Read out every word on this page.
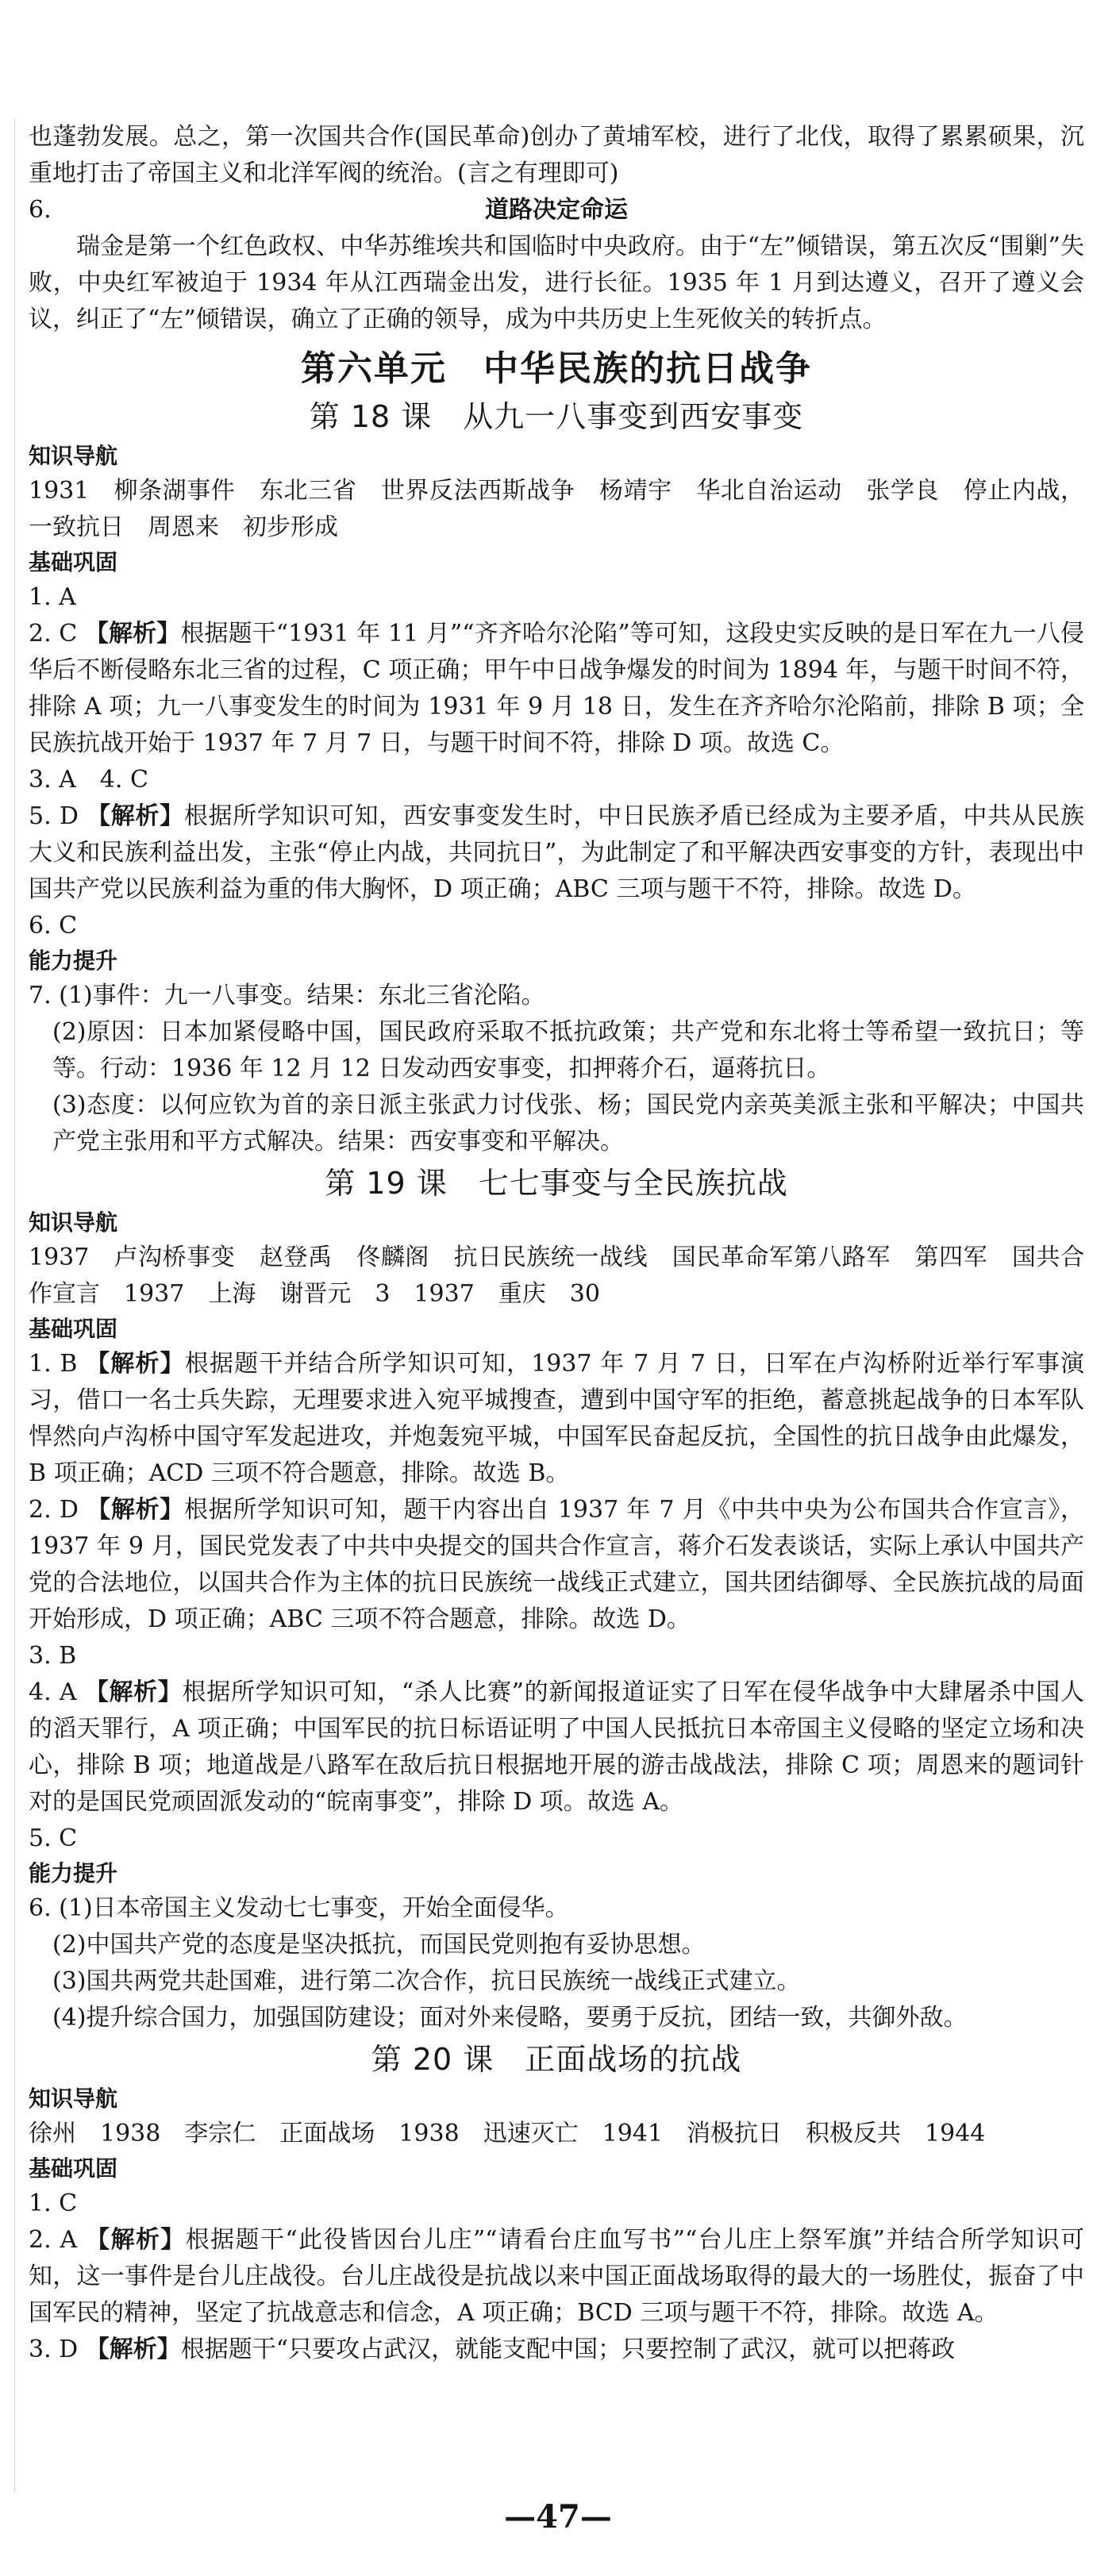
也蓬勃发展。总之，第一次国共合作(国民革命)创办了黄埔军校，进行了北伐，取得了累累硕果，沉重地打击了帝国主义和北洋军阀的统治。(言之有理即可)

6.	道路决定命运

瑞金是第一个红色政权、中华苏维埃共和国临时中央政府。由于“左”倾错误，第五次反“围剿”失败，中央红军被迫于 1934 年从江西瑞金出发，进行长征。1935 年 1 月到达遵义，召开了遵义会议，纠正了“左”倾错误，确立了正确的领导，成为中共历史上生死攸关的转折点。

第六单元　中华民族的抗日战争

第 18 课　从九一八事变到西安事变

知识导航

1931　柳条湖事件　东北三省　世界反法西斯战争　杨靖宇　华北自治运动　张学良　停止内战，一致抗日　周恩来　初步形成

基础巩固

1. A

2. C 【解析】根据题干“1931 年 11 月”“齐齐哈尔沦陷”等可知，这段史实反映的是日军在九一八侵华后不断侵略东北三省的过程，C 项正确；甲午中日战争爆发的时间为 1894 年，与题干时间不符，排除 A 项；九一八事变发生的时间为 1931 年 9 月 18 日，发生在齐齐哈尔沦陷前，排除 B 项；全民族抗战开始于 1937 年 7 月 7 日，与题干时间不符，排除 D 项。故选 C。

3. A　4. C

5. D 【解析】根据所学知识可知，西安事变发生时，中日民族矛盾已经成为主要矛盾，中共从民族大义和民族利益出发，主张“停止内战，共同抗日”，为此制定了和平解决西安事变的方针，表现出中国共产党以民族利益为重的伟大胸怀，D 项正确；ABC 三项与题干不符，排除。故选 D。

6. C

能力提升

7. (1)事件：九一八事变。结果：东北三省沦陷。

(2)原因：日本加紧侵略中国，国民政府采取不抵抗政策；共产党和东北将士等希望一致抗日；等等。行动：1936 年 12 月 12 日发动西安事变，扣押蒋介石，逼蒋抗日。

(3)态度：以何应钦为首的亲日派主张武力讨伐张、杨；国民党内亲英美派主张和平解决；中国共产党主张用和平方式解决。结果：西安事变和平解决。

第 19 课　七七事变与全民族抗战

知识导航

1937　卢沟桥事变　赵登禹　佟麟阁　抗日民族统一战线　国民革命军第八路军　第四军　国共合作宣言　1937　上海　谢晋元　3　1937　重庆　30

基础巩固

1. B 【解析】根据题干并结合所学知识可知，1937 年 7 月 7 日，日军在卢沟桥附近举行军事演习，借口一名士兵失踪，无理要求进入宛平城搜查，遭到中国守军的拒绝，蓄意挑起战争的日本军队悍然向卢沟桥中国守军发起进攻，并炮轰宛平城，中国军民奋起反抗，全国性的抗日战争由此爆发，B 项正确；ACD 三项不符合题意，排除。故选 B。

2. D 【解析】根据所学知识可知，题干内容出自 1937 年 7 月《中共中央为公布国共合作宣言》，1937 年 9 月，国民党发表了中共中央提交的国共合作宣言，蒋介石发表谈话，实际上承认中国共产党的合法地位，以国共合作为主体的抗日民族统一战线正式建立，国共团结御辱、全民族抗战的局面开始形成，D 项正确；ABC 三项不符合题意，排除。故选 D。

3. B

4. A 【解析】根据所学知识可知，“杀人比赛”的新闻报道证实了日军在侵华战争中大肆屠杀中国人的滔天罪行，A 项正确；中国军民的抗日标语证明了中国人民抵抗日本帝国主义侵略的坚定立场和决心，排除 B 项；地道战是八路军在敌后抗日根据地开展的游击战战法，排除 C 项；周恩来的题词针对的是国民党顽固派发动的“皖南事变”，排除 D 项。故选 A。

5. C

能力提升

6. (1)日本帝国主义发动七七事变，开始全面侵华。

(2)中国共产党的态度是坚决抵抗，而国民党则抱有妥协思想。

(3)国共两党共赴国难，进行第二次合作，抗日民族统一战线正式建立。

(4)提升综合国力，加强国防建设；面对外来侵略，要勇于反抗，团结一致，共御外敌。

第 20 课　正面战场的抗战

知识导航

徐州　1938　李宗仁　正面战场　1938　迅速灭亡　1941　消极抗日　积极反共　1944

基础巩固

1. C

2. A 【解析】根据题干“此役皆因台儿庄”“请看台庄血写书”“台儿庄上祭军旗”并结合所学知识可知，这一事件是台儿庄战役。台儿庄战役是抗战以来中国正面战场取得的最大的一场胜仗，振奋了中国军民的精神，坚定了抗战意志和信念，A 项正确；BCD 三项与题干不符，排除。故选 A。

3. D 【解析】根据题干“只要攻占武汉，就能支配中国；只要控制了武汉，就可以把蒋政

—47—
